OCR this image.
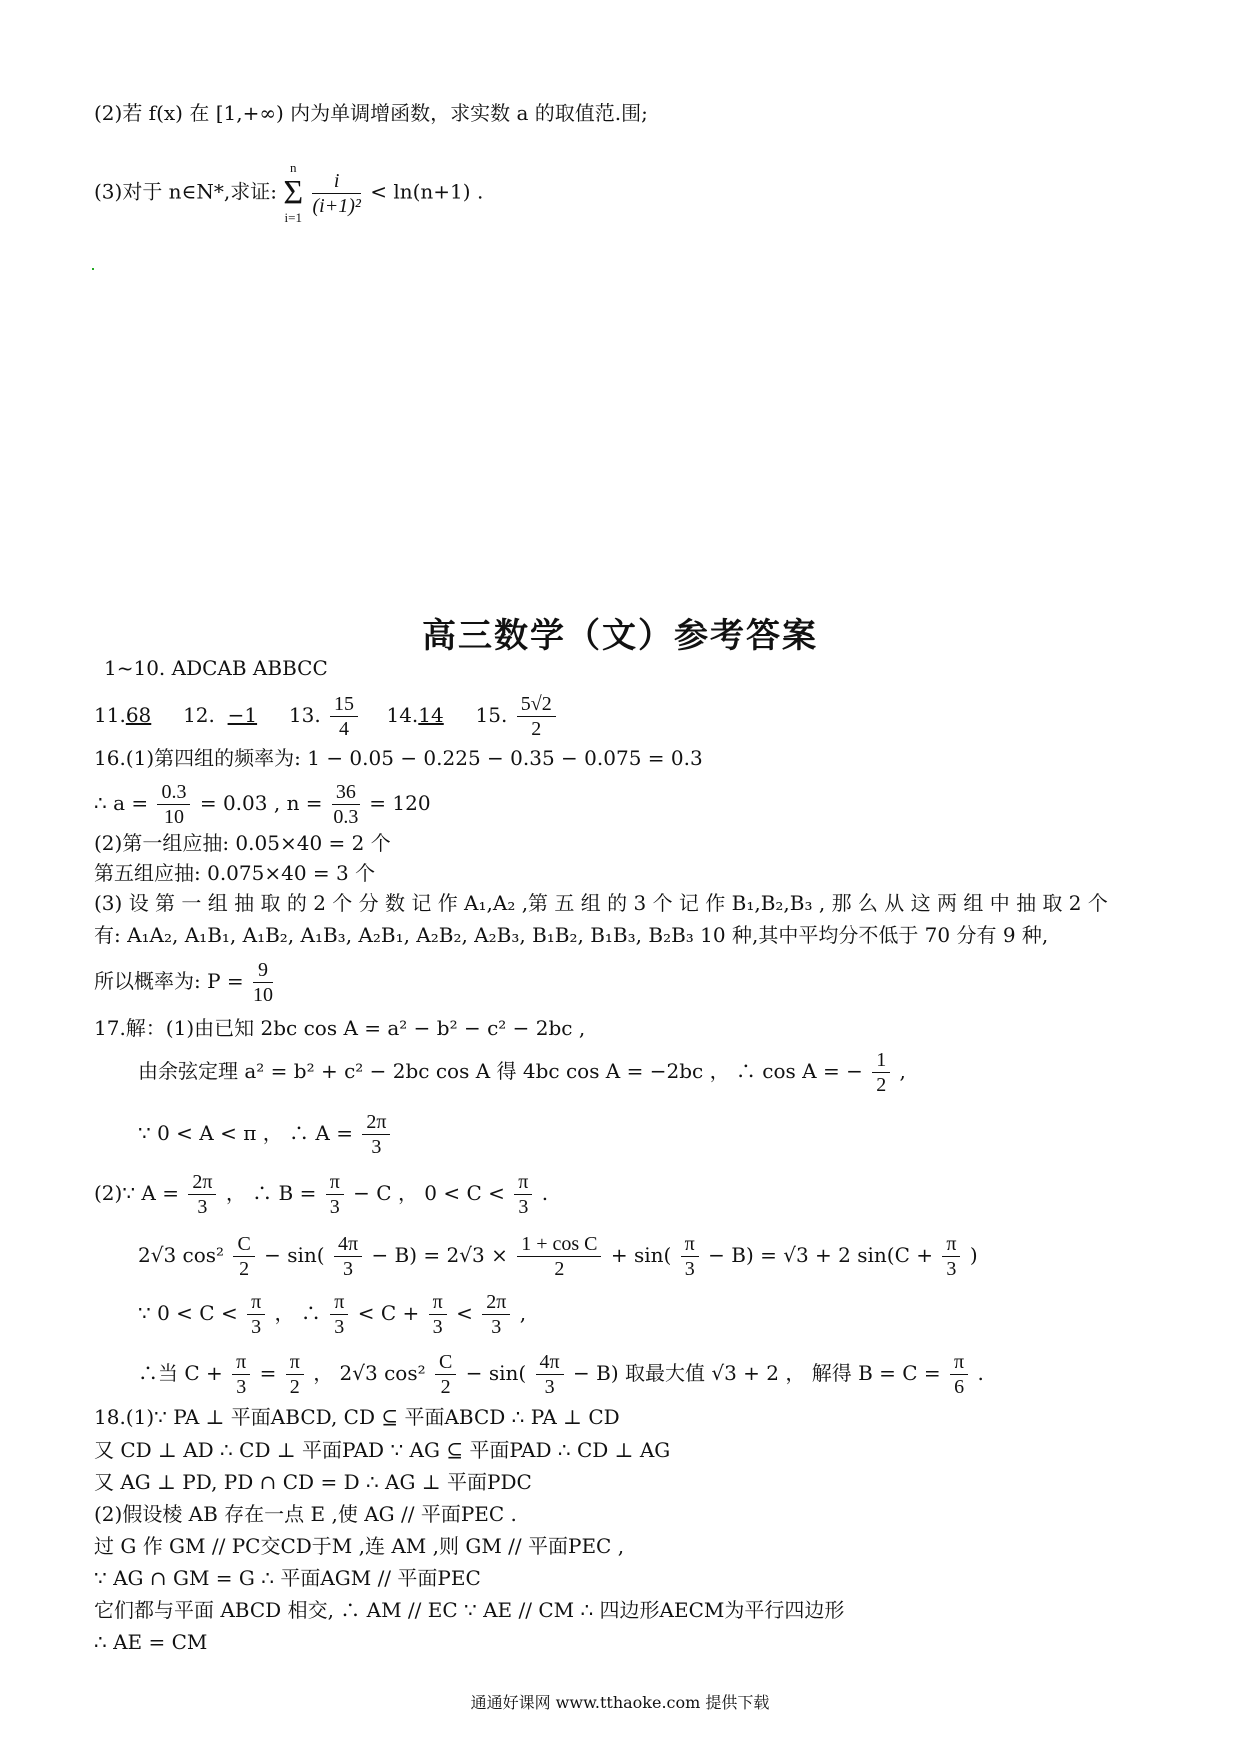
(2)若 f(x) 在 [1,+∞) 内为单调增函数，求实数 a 的取值范.围;
(3)对于 n∈N*,求证:
n
Σ
i=1
$\frac{i}{\text{(i+1)²}} < \ln(n+1)$ .
高三数学（文）参考答案
1~10. ADCAB ABBCC
11.68 12. −1 13. $\frac{15}{4} 14.14$ 15. $\frac{5√2}{2}$
16.(1)第四组的频率为: 1 − 0.05 − 0.225 − 0.35 − 0.075 = 0.3
∴ $a = \frac{0.3}{10} = 0.03$ , $n = \frac{36}{0.3} = 120$
(2)第一组应抽: 0.05×40 = 2 个
第五组应抽: 0.075×40 = 3 个
(3) 设 第 一 组 抽 取 的 2 个 分 数 记 作 A₁,A₂ ,第 五 组 的 3 个 记 作 B₁,B₂,B₃ , 那 么 从 这 两 组 中 抽 取 2 个
有: A₁A₂, A₁B₁, A₁B₂, A₁B₃, A₂B₁, A₂B₂, A₂B₃, B₁B₂, B₁B₃, B₂B₃ 10 种,其中平均分不低于 70 分有 9 种,
所以概率为: $P = \frac{9}{10}$
17.解：(1)由已知 2bc cos A = a² − b² − c² − 2bc ,
由余弦定理 a² = b² + c² − 2bc cos A 得 4bc cos A = −2bc ， ∴ cos A = − $\frac{1}{2}$ ,
∵ 0 < A < π ， ∴ $A = \frac{2\pi}{3}$
(2)∵ $A = \frac{2\pi}{3}$ ， ∴ $B = \frac{\pi}{3} - C$ ， $0 < C < \frac{\pi}{3}$ .
2√3 $\cos^2 \frac{C}{2} - \sin( \frac{4\pi}{3} - B) = 2√3 \times \frac{\text{1 + cos C}}{2} + \sin( \frac{\pi}{3} - B) = √3 + 2$ $\sin(C + \frac{\pi}{3}$ )
∵ $0 < C < \frac{\pi}{3}$ ， ∴ $\frac{\pi}{3} < C + \frac{\pi}{3} < \frac{2\pi}{3}$ ,
∴当 $C + \frac{\pi}{3} = \frac{\pi}{2}$ ， 2√3 $\cos^2 \frac{C}{2} - \sin( \frac{4\pi}{3} - B)$ 取最大值 √3 + 2 ， 解得 $B = C = \frac{\pi}{6}$ .
18.(1)∵ PA ⊥ 平面ABCD, CD ⊆ 平面ABCD ∴ PA ⊥ CD
又 CD ⊥ AD ∴ CD ⊥ 平面PAD ∵ AG ⊆ 平面PAD ∴ CD ⊥ AG
又 AG ⊥ PD, PD ∩ CD = D ∴ AG ⊥ 平面PDC
(2)假设棱 AB 存在一点 E ,使 AG // 平面PEC .
过 G 作 GM // PC交CD于M ,连 AM ,则 GM // 平面PEC ,
∵ AG ∩ GM = G ∴ 平面AGM // 平面PEC
它们都与平面 ABCD 相交, ∴ AM // EC ∵ AE // CM ∴ 四边形AECM为平行四边形
∴ AE = CM
通通好课网 www.tthaoke.com 提供下载
